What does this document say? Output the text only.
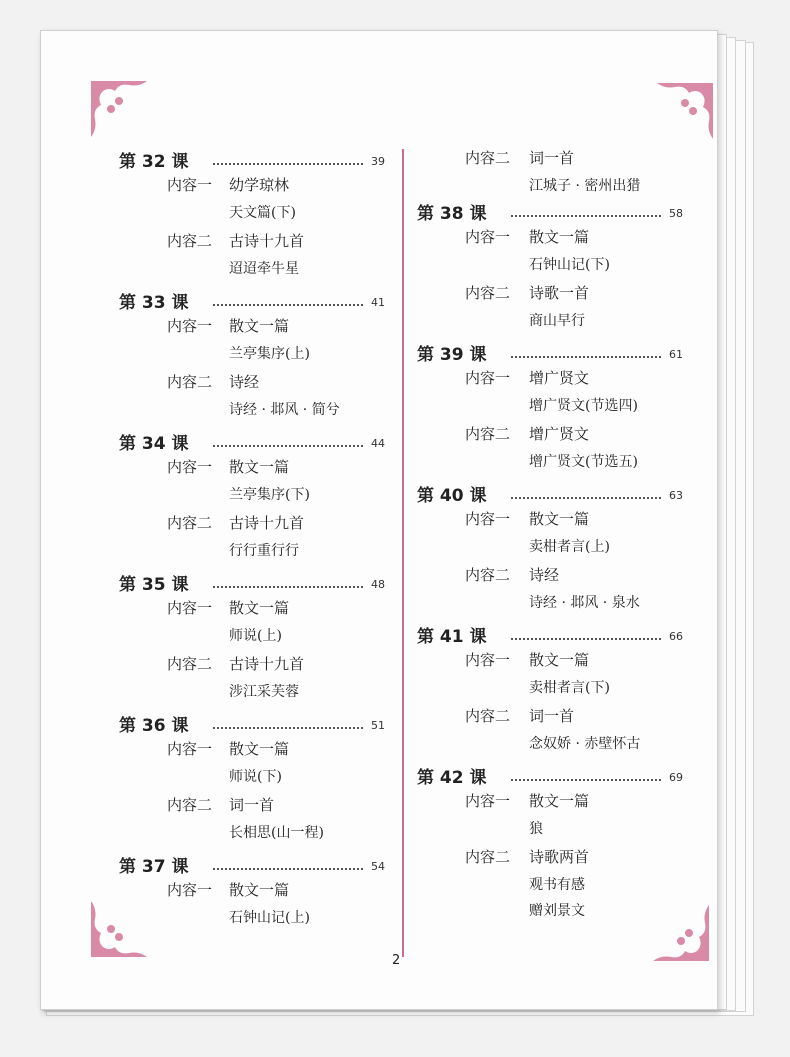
第 32 课	39
内容一 幼学琼林
天文篇(下)
内容二 古诗十九首
迢迢牵牛星
第 33 课	41
内容一 散文一篇
兰亭集序(上)
内容二 诗经
诗经 · 邶风 · 简兮
第 34 课	44
内容一 散文一篇
兰亭集序(下)
内容二 古诗十九首
行行重行行
第 35 课	48
内容一 散文一篇
师说(上)
内容二 古诗十九首
涉江采芙蓉
第 36 课	51
内容一 散文一篇
师说(下)
内容二 词一首
长相思(山一程)
第 37 课	54
内容一 散文一篇
石钟山记(上)
内容二 词一首
江城子 · 密州出猎
第 38 课	58
内容一 散文一篇
石钟山记(下)
内容二 诗歌一首
商山早行
第 39 课	61
内容一 增广贤文
增广贤文(节选四)
内容二 增广贤文
增广贤文(节选五)
第 40 课	63
内容一 散文一篇
卖柑者言(上)
内容二 诗经
诗经 · 邶风 · 泉水
第 41 课	66
内容一 散文一篇
卖柑者言(下)
内容二 词一首
念奴娇 · 赤壁怀古
第 42 课	69
内容一 散文一篇
狼
内容二 诗歌两首
观书有感
赠刘景文
2
